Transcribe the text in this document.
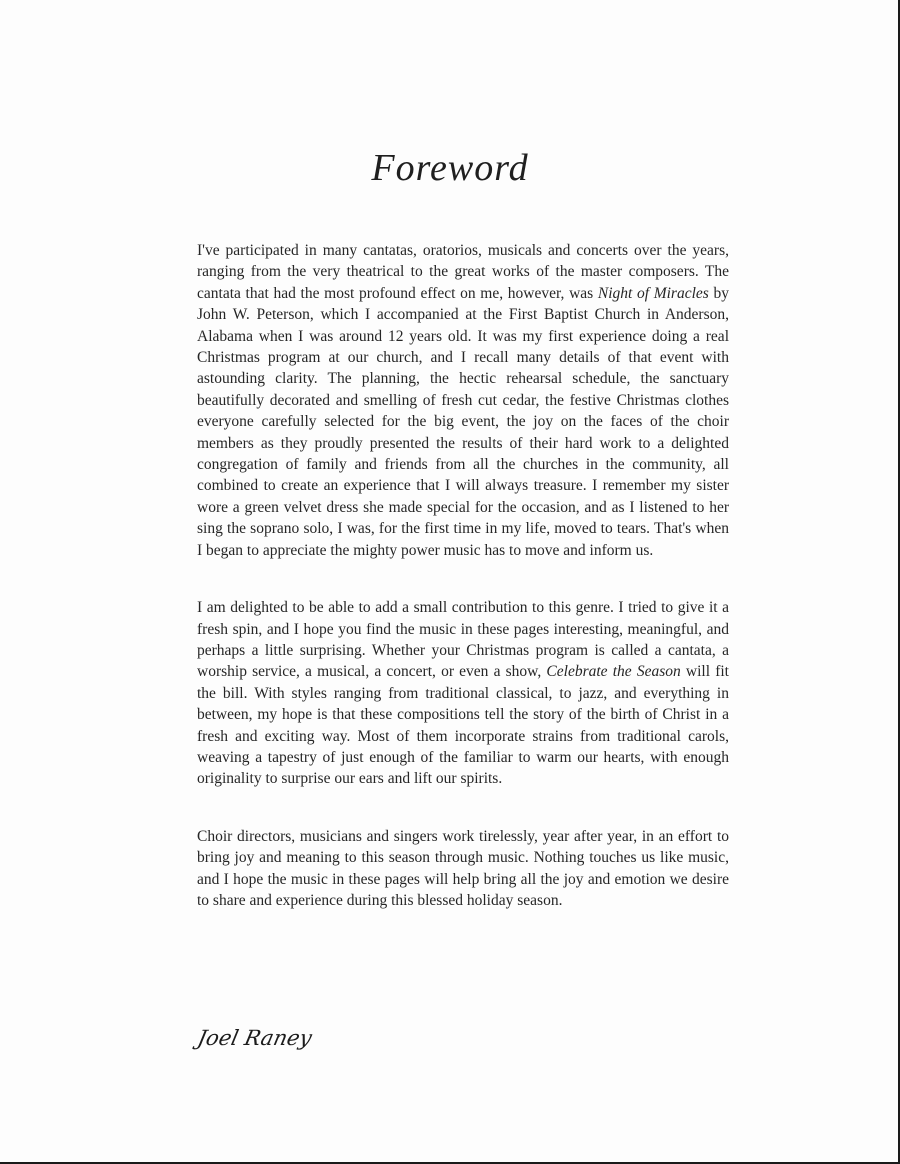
Foreword

I've participated in many cantatas, oratorios, musicals and concerts over the years, ranging from the very theatrical to the great works of the master composers. The cantata that had the most profound effect on me, however, was Night of Miracles by John W. Peterson, which I accompanied at the First Baptist Church in Anderson, Alabama when I was around 12 years old. It was my first experience doing a real Christmas program at our church, and I recall many details of that event with astounding clarity. The planning, the hectic rehearsal schedule, the sanctuary beautifully decorated and smelling of fresh cut cedar, the festive Christmas clothes everyone carefully selected for the big event, the joy on the faces of the choir members as they proudly presented the results of their hard work to a delighted congregation of family and friends from all the churches in the community, all combined to create an experience that I will always treasure. I remember my sister wore a green velvet dress she made special for the occasion, and as I listened to her sing the soprano solo, I was, for the first time in my life, moved to tears. That's when I began to appreciate the mighty power music has to move and inform us.

I am delighted to be able to add a small contribution to this genre. I tried to give it a fresh spin, and I hope you find the music in these pages interesting, meaningful, and perhaps a little surprising. Whether your Christmas program is called a cantata, a worship service, a musical, a concert, or even a show, Celebrate the Season will fit the bill. With styles ranging from traditional classical, to jazz, and everything in between, my hope is that these compositions tell the story of the birth of Christ in a fresh and exciting way. Most of them incorporate strains from traditional carols, weaving a tapestry of just enough of the familiar to warm our hearts, with enough originality to surprise our ears and lift our spirits.

Choir directors, musicians and singers work tirelessly, year after year, in an effort to bring joy and meaning to this season through music. Nothing touches us like music, and I hope the music in these pages will help bring all the joy and emotion we desire to share and experience during this blessed holiday season.

Joel Raney
